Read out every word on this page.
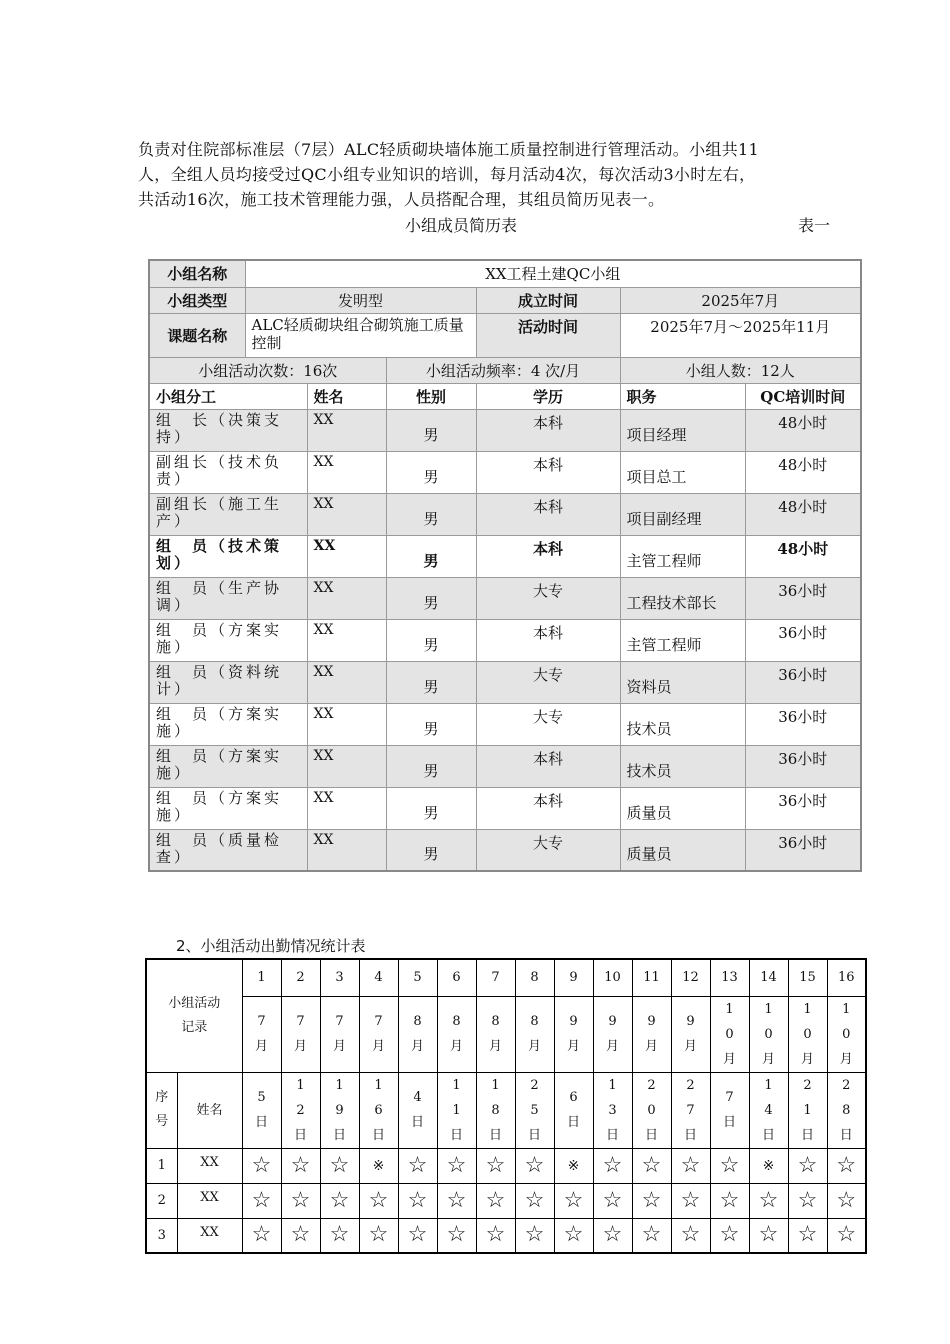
负责对住院部标准层（7层）ALC轻质砌块墙体施工质量控制进行管理活动。小组共11

人，全组人员均接受过QC小组专业知识的培训，每月活动4次，每次活动3小时左右，

共活动16次，施工技术管理能力强，人员搭配合理，其组员简历见表一。

小组成员简历表	表一
小组名称	XX工程土建QC小组					
小组类型	发明型			成立时间	2025年7月	
课题名称	ALC轻质砌块组合砌筑施工质量控制			活动时间	2025年7月～2025年11月	
小组活动次数：16次			小组活动频率：4 次/月		小组人数：12人	
小组分工		姓名	性别	学历	职务	QC培训时间
组　长（决策支持）		XX	男	本科	项目经理	48小时
副组长（技术负责）		XX	男	本科	项目总工	48小时
副组长（施工生产）		XX	男	本科	项目副经理	48小时
组　员（技术策划）		XX	男	本科	主管工程师	48小时
组　员（生产协调）		XX	男	大专	工程技术部长	36小时
组　员（方案实施）		XX	男	本科	主管工程师	36小时
组　员（资料统计）		XX	男	大专	资料员	36小时
组　员（方案实施）		XX	男	大专	技术员	36小时
组　员（方案实施）		XX	男	本科	技术员	36小时
组　员（方案实施）		XX	男	本科	质量员	36小时
组　员（质量检查）		XX	男	大专	质量员	36小时
2、小组活动出勤情况统计表
小组活动记录		1	2	3	4	5	6	7	8	9	10	11	12	13	14	15	16
		7月	7月	7月	7月	8月	8月	8月	8月	9月	9月	9月	9月	10月	10月	10月	10月
序号	姓名	5日	12日	19日	16日	4日	11日	18日	25日	6日	13日	20日	27日	7日	14日	21日	28日
1	XX	☆	☆	☆	※	☆	☆	☆	☆	※	☆	☆	☆	☆	※	☆	☆
2	XX	☆	☆	☆	☆	☆	☆	☆	☆	☆	☆	☆	☆	☆	☆	☆	☆
3	XX	☆	☆	☆	☆	☆	☆	☆	☆	☆	☆	☆	☆	☆	☆	☆	☆
